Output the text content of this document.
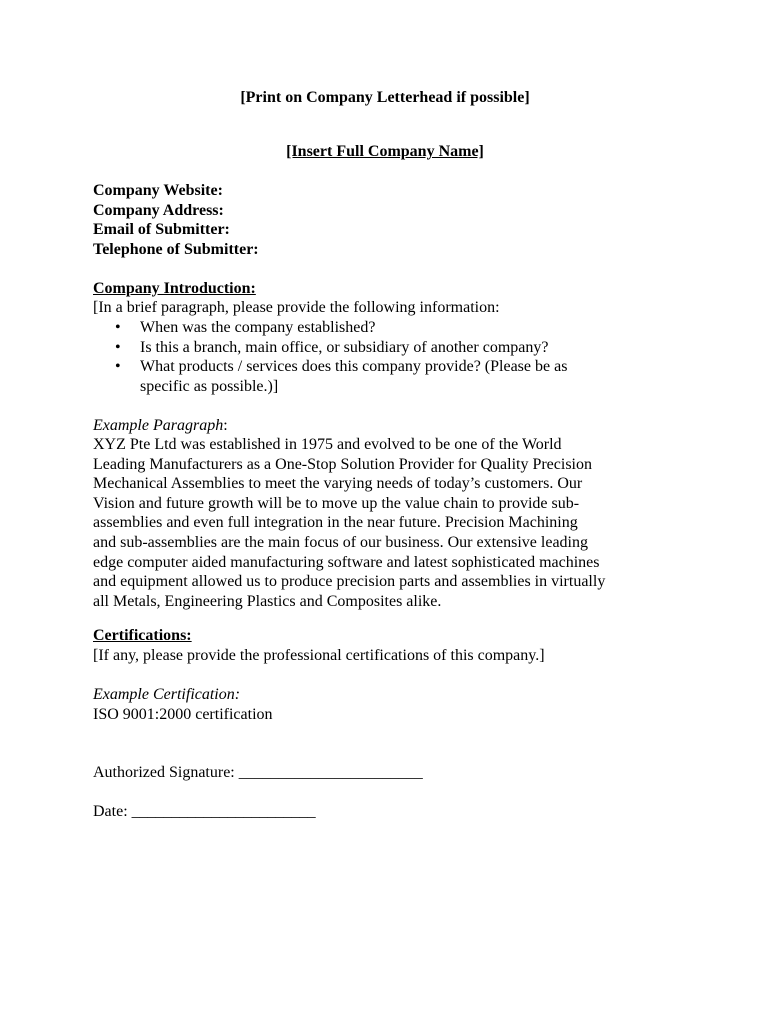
[Print on Company Letterhead if possible]
[Insert Full Company Name]
Company Website:
Company Address:
Email of Submitter:
Telephone of Submitter:
Company Introduction:
[In a brief paragraph, please provide the following information:
• When was the company established?
• Is this a branch, main office, or subsidiary of another company?
• What products / services does this company provide? (Please be as
specific as possible.)]
Example Paragraph:

XYZ Pte Ltd was established in 1975 and evolved to be one of the World

Leading Manufacturers as a One-Stop Solution Provider for Quality Precision

Mechanical Assemblies to meet the varying needs of today’s customers. Our

Vision and future growth will be to move up the value chain to provide sub-

assemblies and even full integration in the near future. Precision Machining

and sub-assemblies are the main focus of our business. Our extensive leading

edge computer aided manufacturing software and latest sophisticated machines

and equipment allowed us to produce precision parts and assemblies in virtually

all Metals, Engineering Plastics and Composites alike.

Certifications:
[If any, please provide the professional certifications of this company.]
Example Certification:
ISO 9001:2000 certification
Authorized Signature: _______________________
Date: _______________________
